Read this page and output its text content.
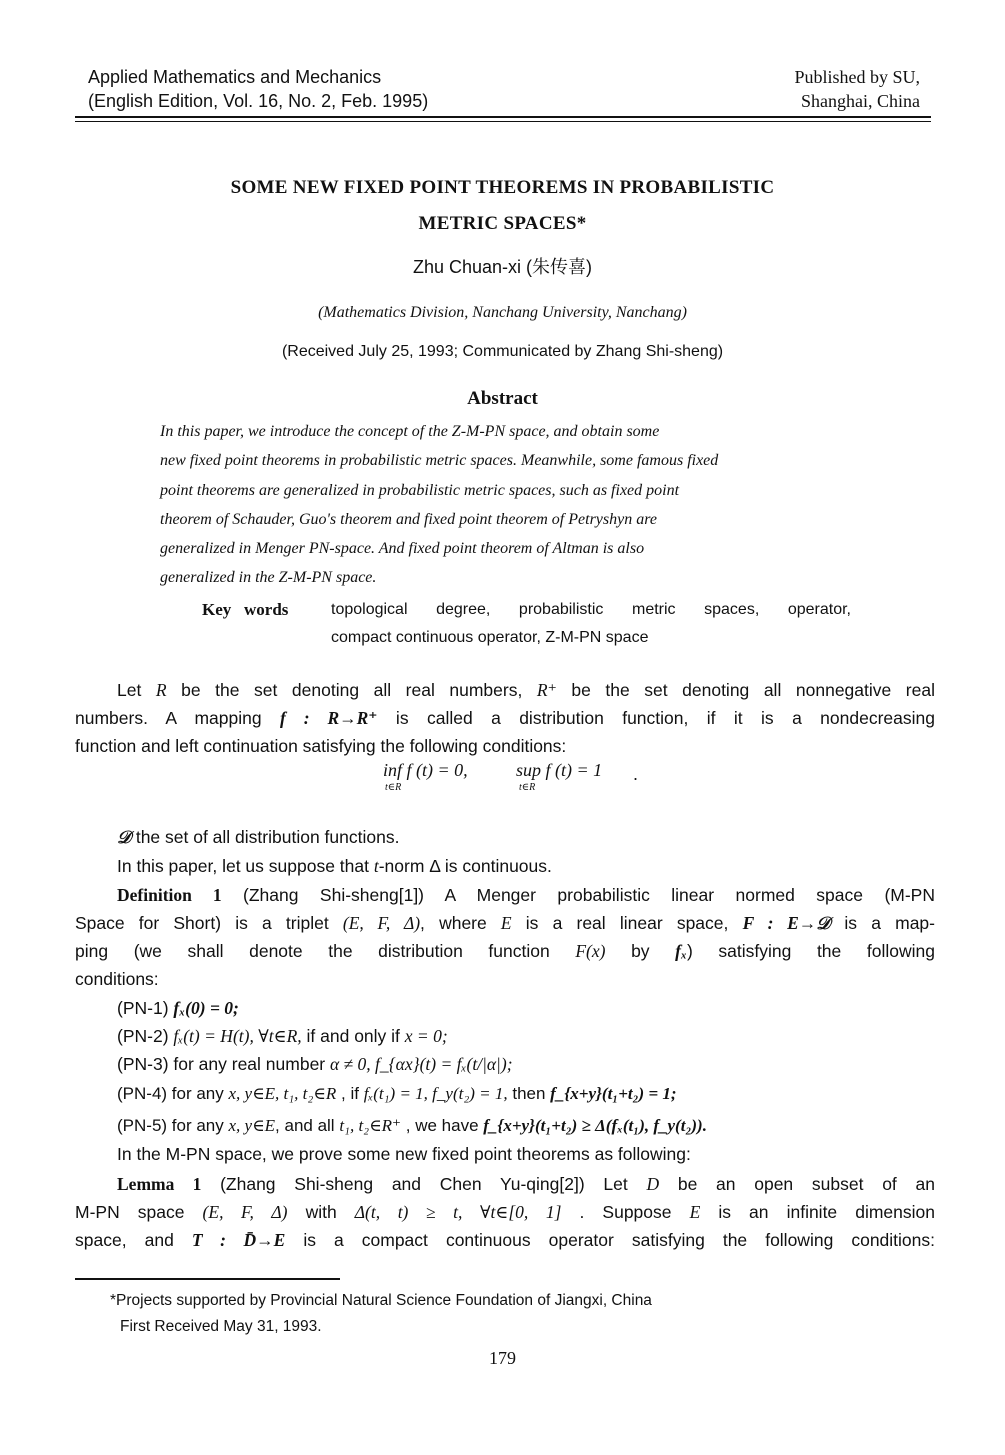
Applied Mathematics and Mechanics
(English Edition, Vol. 16, No. 2, Feb. 1995)
Published by SU,
Shanghai, China
SOME NEW FIXED POINT THEOREMS IN PROBABILISTIC
METRIC SPACES*
Zhu Chuan-xi (朱传喜)
(Mathematics Division, Nanchang University, Nanchang)
(Received July 25, 1993; Communicated by Zhang Shi-sheng)
Abstract
In this paper, we introduce the concept of the Z-M-PN space, and obtain some
new fixed point theorems in probabilistic metric spaces. Meanwhile, some famous fixed
point theorems are generalized in probabilistic metric spaces, such as fixed point
theorem of Schauder, Guo's theorem and fixed point theorem of Petryshyn are
generalized in Menger PN-space. And fixed point theorem of Altman is also
generalized in the Z-M-PN space.
Key   words	topological degree, probabilistic metric spaces, operator,
compact continuous operator, Z-M-PN space
Let R be the set denoting all real numbers, R⁺ be the set denoting all nonnegative real
numbers. A mapping f : R→R⁺ is called a distribution function, if it is a nondecreasing
function and left continuation satisfying the following conditions:
inf f (t) = 0,
t∈R
sup f (t) = 1
t∈R
.
𝒟 the set of all distribution functions.
In this paper, let us suppose that t-norm Δ is continuous.
Definition 1 (Zhang Shi-sheng[1]) A Menger probabilistic linear normed space (M-PN
Space for Short) is a triplet (E, F, Δ), where E is a real linear space, F : E→𝒟 is a map-
ping (we shall denote the distribution function F(x) by fₓ) satisfying the following
conditions:
(PN-1) fₓ(0) = 0;
(PN-2) fₓ(t) = H(t), ∀t∈R, if and only if x = 0;
(PN-3) for any real number α ≠ 0, f_{αx}(t) = fₓ(t/|α|);
(PN-4) for any x, y∈E, t₁, t₂∈R , if fₓ(t₁) = 1, f_y(t₂) = 1, then f_{x+y}(t₁+t₂) = 1;
(PN-5) for any x, y∈E, and all t₁, t₂∈R⁺ , we have f_{x+y}(t₁+t₂) ≥ Δ(fₓ(t₁), f_y(t₂)).
In the M-PN space, we prove some new fixed point theorems as following:
Lemma 1 (Zhang Shi-sheng and Chen Yu-qing[2]) Let D be an open subset of an
M-PN space (E, F, Δ) with Δ(t, t) ≥ t, ∀t∈[0, 1] . Suppose E is an infinite dimension
space, and T : D̄→E is a compact continuous operator satisfying the following conditions:
*Projects supported by Provincial Natural Science Foundation of Jiangxi, China
First Received May 31, 1993.
179
